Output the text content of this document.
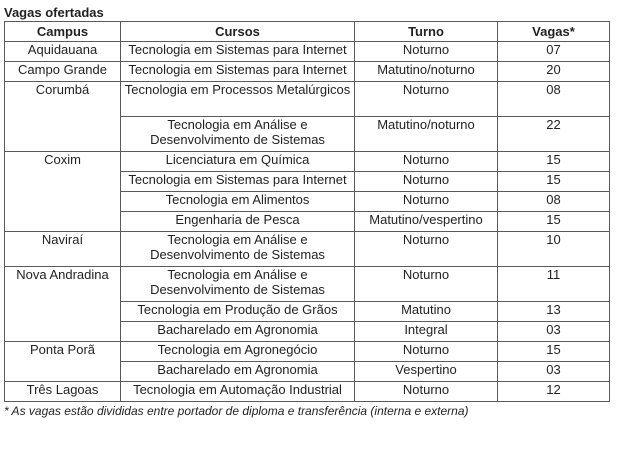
Vagas ofertadas
Campus	Cursos	Turno	Vagas*
Aquidauana	Tecnologia em Sistemas para Internet	Noturno	07
Campo Grande	Tecnologia em Sistemas para Internet	Matutino/noturno	20
Corumbá	Tecnologia em Processos Metalúrgicos	Noturno	08
	Tecnologia em Análise e Desenvolvimento de Sistemas	Matutino/noturno	22
Coxim	Licenciatura em Química	Noturno	15
	Tecnologia em Sistemas para Internet	Noturno	15
	Tecnologia em Alimentos	Noturno	08
	Engenharia de Pesca	Matutino/vespertino	15
Naviraí	Tecnologia em Análise e Desenvolvimento de Sistemas	Noturno	10
Nova Andradina	Tecnologia em Análise e Desenvolvimento de Sistemas	Noturno	11
	Tecnologia em Produção de Grãos	Matutino	13
	Bacharelado em Agronomia	Integral	03
Ponta Porã	Tecnologia em Agronegócio	Noturno	15
	Bacharelado em Agronomia	Vespertino	03
Três Lagoas	Tecnologia em Automação Industrial	Noturno	12
* As vagas estão divididas entre portador de diploma e transferência (interna e externa)
